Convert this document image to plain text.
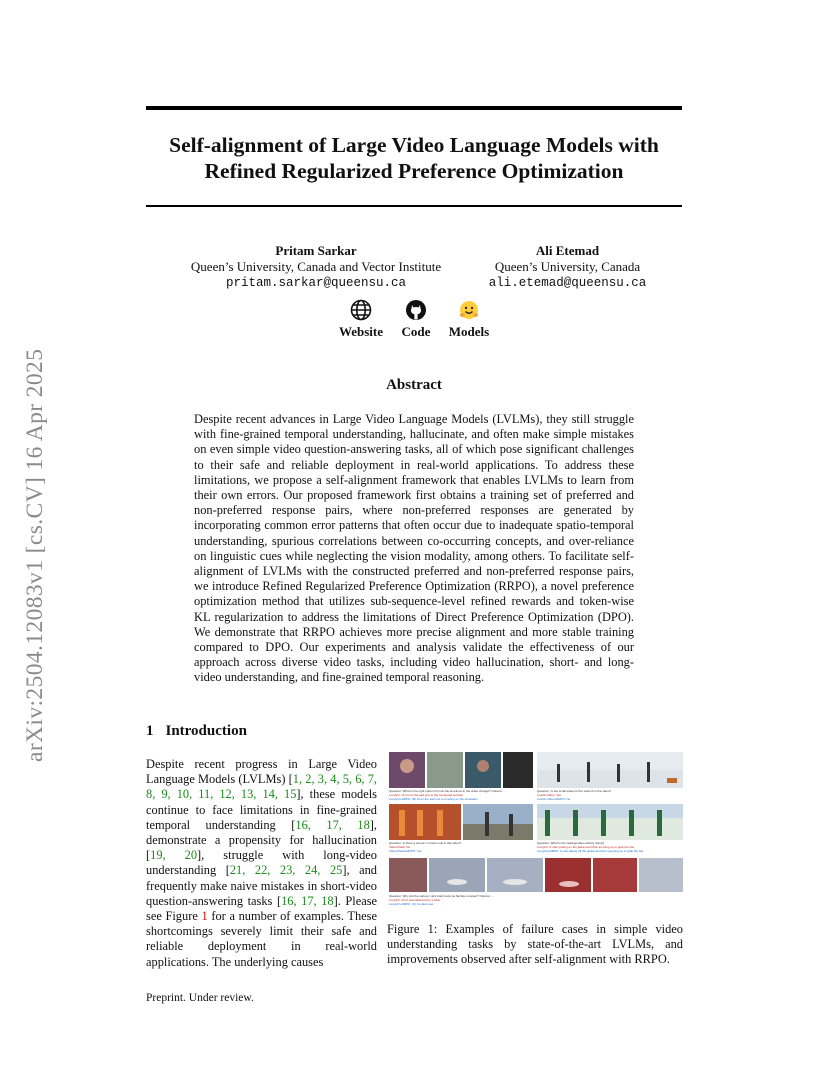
arXiv:2504.12083v1 [cs.CV] 16 Apr 2025
Self-alignment of Large Video Language Models with
Refined Regularized Preference Optimization
Pritam Sarkar
Queen’s University, Canada and Vector Institute
pritam.sarkar@queensu.ca
Ali Etemad
Queen’s University, Canada
ali.etemad@queensu.ca
Website	Code	Models
Abstract
Despite recent advances in Large Video Language Models (LVLMs), they still struggle with fine-grained temporal understanding, hallucinate, and often make simple mistakes on even simple video question-answering tasks, all of which pose significant challenges to their safe and reliable deployment in real-world applications. To address these limitations, we propose a self-alignment framework that enables LVLMs to learn from their own errors. Our proposed framework first obtains a training set of preferred and non-preferred response pairs, where non-preferred responses are generated by incorporating common error patterns that often occur due to inadequate spatio-temporal understanding, spurious correlations between co-occurring concepts, and over-reliance on linguistic cues while neglecting the vision modality, among others. To facilitate self-alignment of LVLMs with the constructed preferred and non-preferred response pairs, we introduce Refined Regularized Preference Optimization (RRPO), a novel preference optimization method that utilizes sub-sequence-level refined rewards and token-wise KL regularization to address the limitations of Direct Preference Optimization (DPO). We demonstrate that RRPO achieves more precise alignment and more stable training compared to DPO. Our experiments and analysis validate the effectiveness of our approach across diverse video tasks, including video hallucination, short- and long-video understanding, and fine-grained temporal reasoning.
1 Introduction
Despite recent progress in Large Video Language Models (LVLMs) [1, 2, 3, 4, 5, 6, 7, 8, 9, 10, 11, 12, 13, 14, 15], these models continue to face limitations in fine-grained temporal understanding [16, 17, 18], demonstrate a propensity for hallucination [19, 20], struggle with long-video understanding [21, 22, 23, 24, 25], and frequently make naive mistakes in short-video question-answering tasks [16, 17, 18]. Please see Figure 1 for a number of examples. These shortcomings severely limit their safe and reliable deployment in real-world applications. The underlying causes
Question: What is the right option for how the emotions in the video change? Options: ...
LongVU: (A) From the sad one to the contented surface
LongVU+RRPO: (B) From the sad one to a sitting on the shoulders
Question: Is the small wheel of the wrench in the video?
LLaVA-Video: Yes
LLaVA-Video+RRPO: No
Question: Is there a person in brown suit in this video?
VideoChat2: No
VideoChat2+RRPO: Yes
Question: What is the cat/dog/video activity doing?
LongVU: A man putting on the jacket and then jumping up to grab the bar.
LongVU+RRPO: A man taking off the jacket and then jumping up to grab the bar.
Question: Why did the cartoon cat's body become flat like a carpet? Options: ...
LongVU: (D) It was flattened by a stick
LongVU+RRPO: (C) It rolled over
Figure 1: Examples of failure cases in simple video understanding tasks by state-of-the-art LVLMs, and improvements observed after self-alignment with RRPO.
Preprint. Under review.
